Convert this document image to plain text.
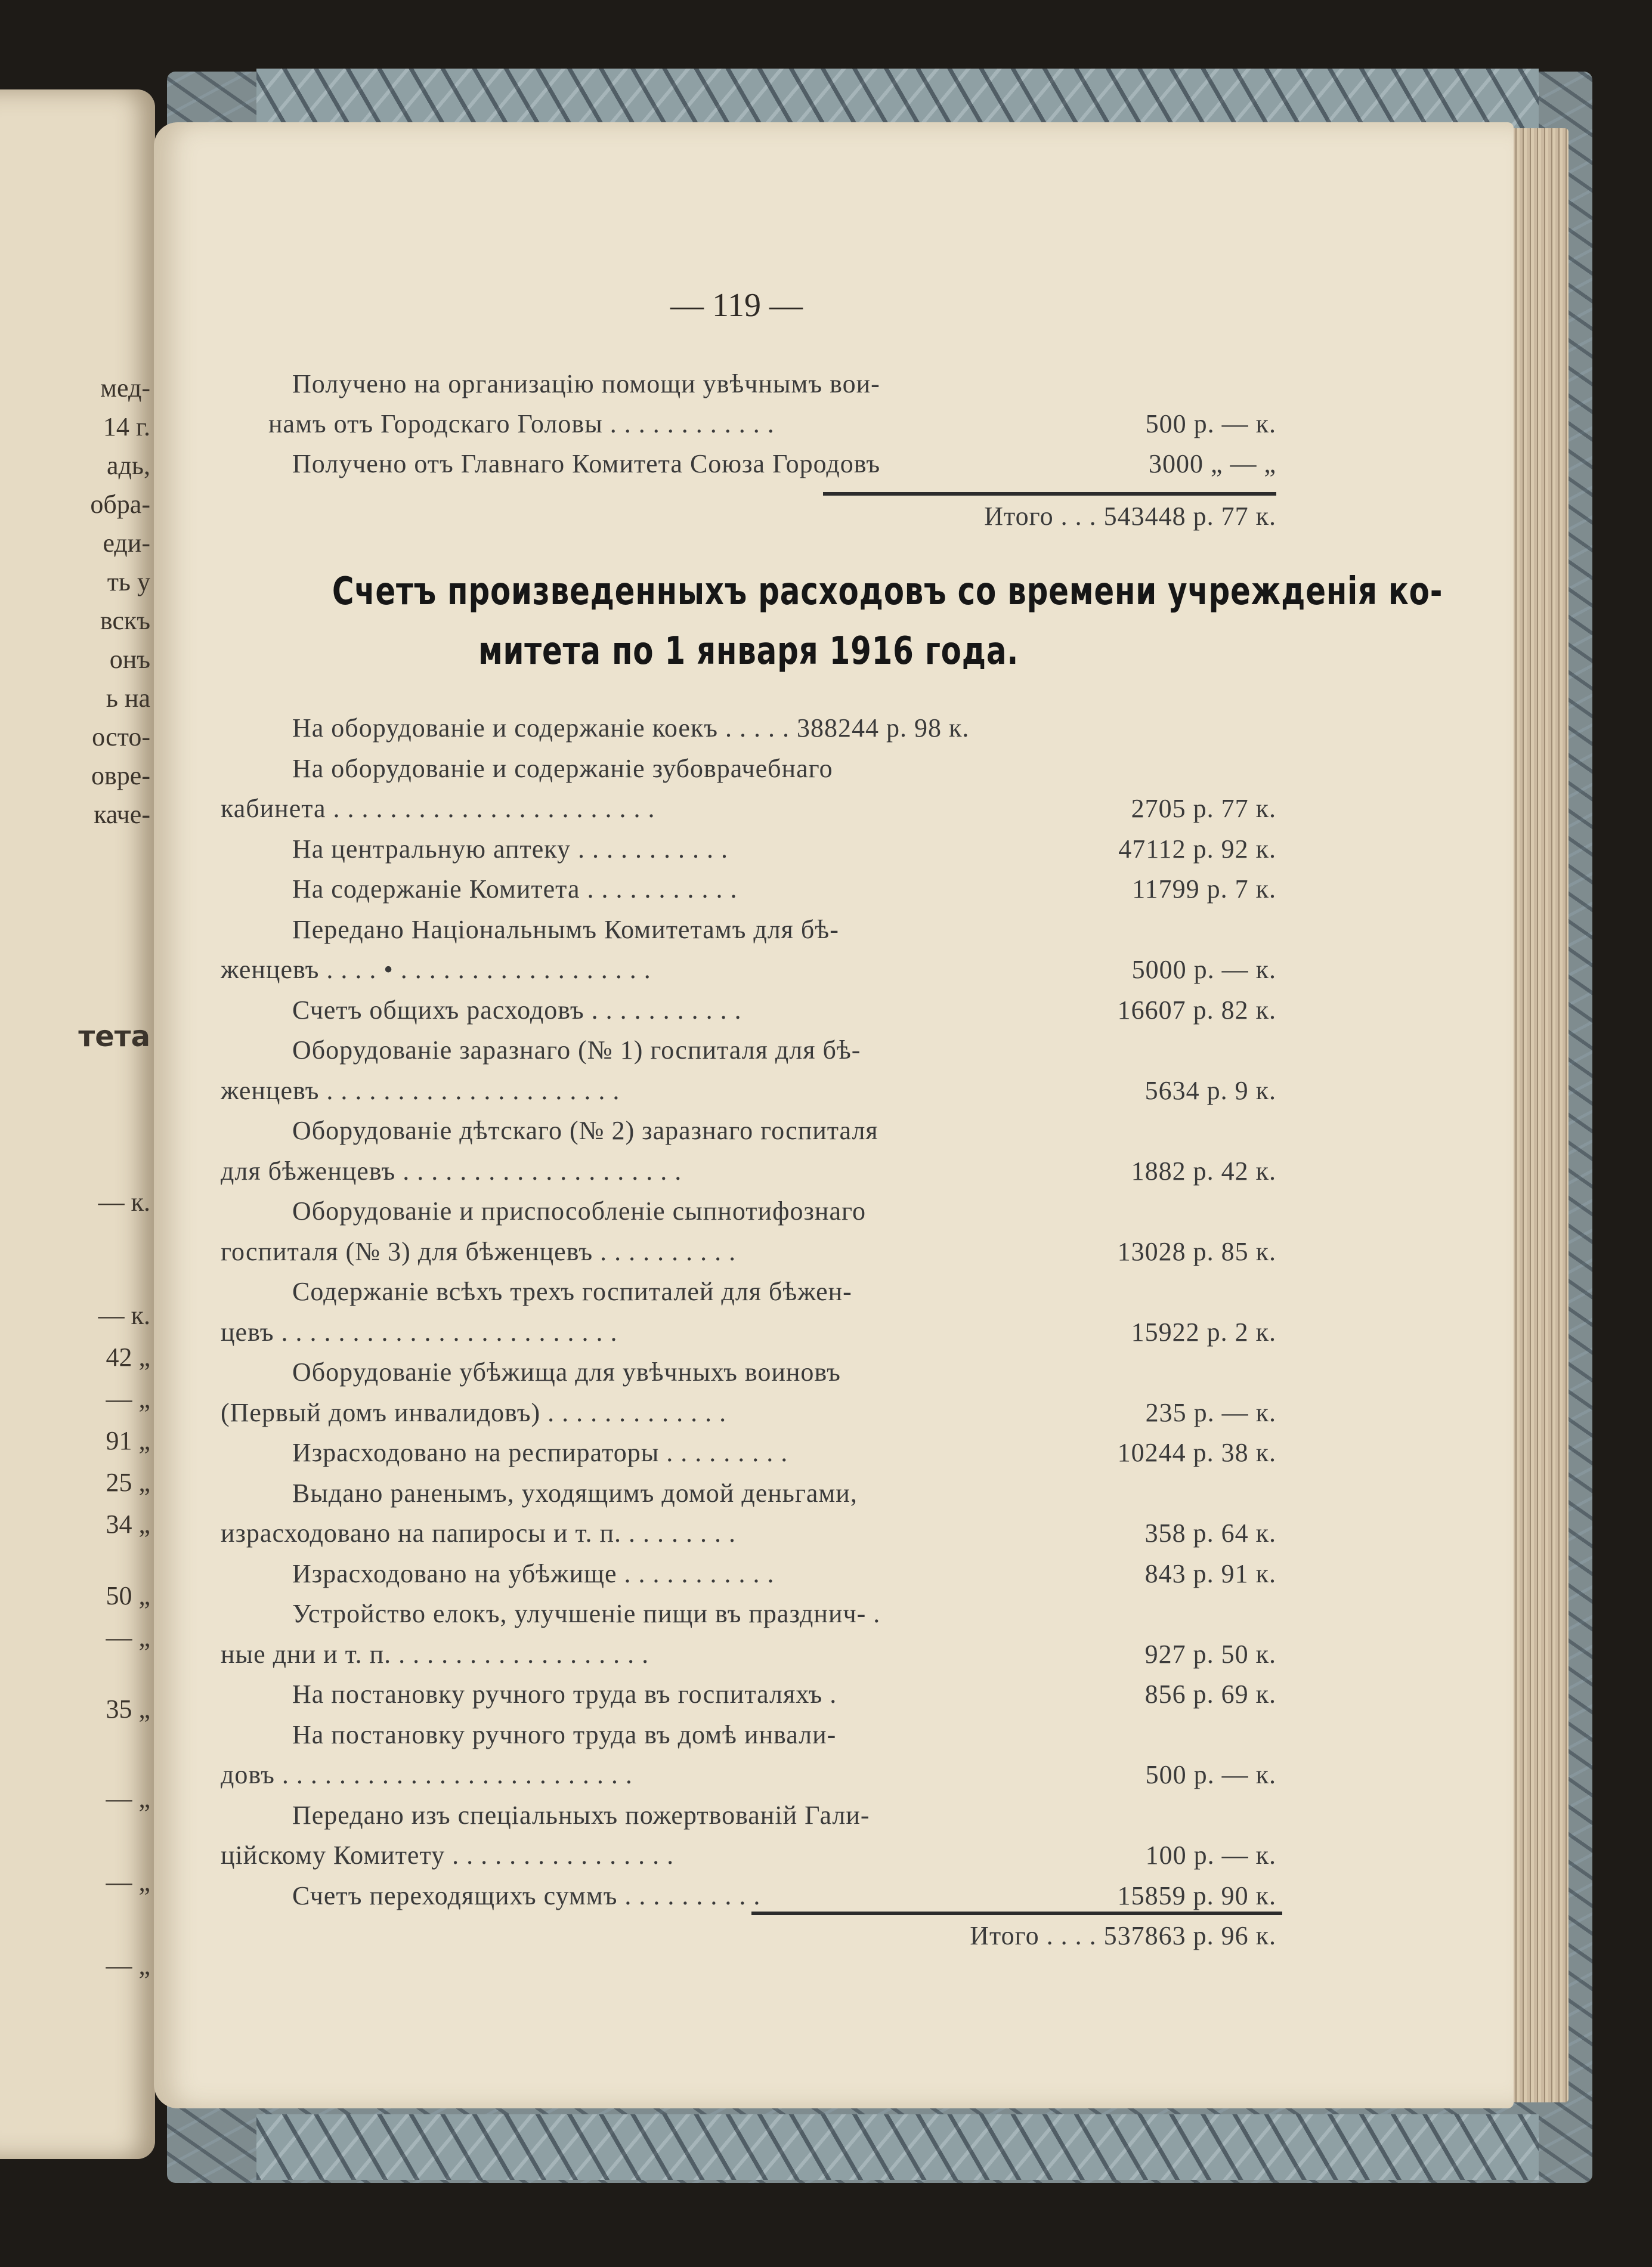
мед-
14 г.
адь,
обра-
еди-
ть у
вскъ
онъ
ь на
осто-
овре-
каче-
тета
— к.
— к.
42 „
— „
91 „
25 „
34 „
50 „
— „
35 „
— „
— „
— „
— 119 —
Получено на организацію помощи увѣчнымъ вои-
намъ отъ Городскаго Головы . . . . . . . . . . . .	500 р. — к.
Получено отъ Главнаго Комитета Союза Городовъ	3000 „ — „
Итого . . . 543448 р. 77 к.
Счетъ произведенныхъ расходовъ со времени учрежденія ко-
митета по 1 января 1916 года.
На оборудованіе и содержаніе коекъ . . . . . 388244 р. 98 к.
На оборудованіе и содержаніе зубоврачебнаго
кабинета . . . . . . . . . . . . . . . . . . . . . . .	2705 р. 77 к.
На центральную аптеку . . . . . . . . . . .	47112 р. 92 к.
На содержаніе Комитета . . . . . . . . . . .	11799 р. 7 к.
Передано Національнымъ Комитетамъ для бѣ-
женцевъ . . . . • . . . . . . . . . . . . . . . . . .	5000 р. — к.
Счетъ общихъ расходовъ . . . . . . . . . . .	16607 р. 82 к.
Оборудованіе заразнаго (№ 1) госпиталя для бѣ-
женцевъ . . . . . . . . . . . . . . . . . . . . .	5634 р. 9 к.
Оборудованіе дѣтскаго (№ 2) заразнаго госпиталя
для бѣженцевъ . . . . . . . . . . . . . . . . . . . .	1882 р. 42 к.
Оборудованіе и приспособленіе сыпнотифознаго
госпиталя (№ 3) для бѣженцевъ . . . . . . . . . .	13028 р. 85 к.
Содержаніе всѣхъ трехъ госпиталей для бѣжен-
цевъ . . . . . . . . . . . . . . . . . . . . . . . .	15922 р. 2 к.
Оборудованіе убѣжища для увѣчныхъ воиновъ
(Первый домъ инвалидовъ) . . . . . . . . . . . . .	235 р. — к.
Израсходовано на респираторы . . . . . . . . .	10244 р. 38 к.
Выдано раненымъ, уходящимъ домой деньгами,
израсходовано на папиросы и т. п. . . . . . . . .	358 р. 64 к.
Израсходовано на убѣжище . . . . . . . . . . .	843 р. 91 к.
Устройство елокъ, улучшеніе пищи въ празднич- .
ные дни и т. п. . . . . . . . . . . . . . . . . . .	927 р. 50 к.
На постановку ручного труда въ госпиталяхъ .	856 р. 69 к.
На постановку ручного труда въ домѣ инвали-
довъ . . . . . . . . . . . . . . . . . . . . . . . . .	500 р. — к.
Передано изъ спеціальныхъ пожертвованій Гали-
ційскому Комитету . . . . . . . . . . . . . . . .	100 р. — к.
Счетъ переходящихъ суммъ . . . . . . . . . .	15859 р. 90 к.
Итого . . . . 537863 р. 96 к.
